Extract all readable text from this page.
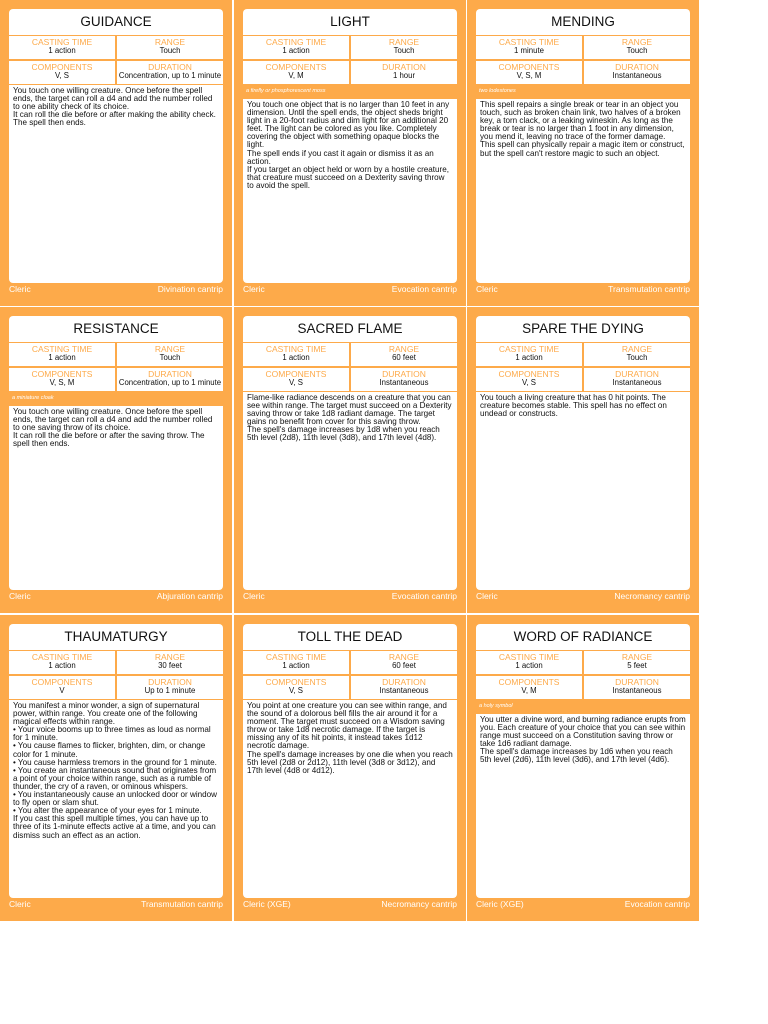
GUIDANCE
CASTING TIME
1 action
RANGE
Touch
COMPONENTS
V, S
DURATION
Concentration, up to 1 minute

You touch one willing creature. Once before the spell ends, the target can roll a d4 and add the number rolled to one ability check of its choice.

It can roll the die before or after making the ability check. The spell then ends.

Cleric	Divination cantrip
LIGHT
CASTING TIME
1 action
RANGE
Touch
COMPONENTS
V, M
DURATION
1 hour
a firefly or phosphorescent moss

You touch one object that is no larger than 10 feet in any dimension. Until the spell ends, the object sheds bright light in a 20-foot radius and dim light for an additional 20 feet. The light can be colored as you like. Completely covering the object with something opaque blocks the light.

The spell ends if you cast it again or dismiss it as an action.

If you target an object held or worn by a hostile creature, that creature must succeed on a Dexterity saving throw to avoid the spell.

Cleric	Evocation cantrip
MENDING
CASTING TIME
1 minute
RANGE
Touch
COMPONENTS
V, S, M
DURATION
Instantaneous
two lodestones

This spell repairs a single break or tear in an object you touch, such as broken chain link, two halves of a broken key, a torn clack, or a leaking wineskin. As long as the break or tear is no larger than 1 foot in any dimension, you mend it, leaving no trace of the former damage.

This spell can physically repair a magic item or construct, but the spell can't restore magic to such an object.

Cleric	Transmutation cantrip
RESISTANCE
CASTING TIME
1 action
RANGE
Touch
COMPONENTS
V, S, M
DURATION
Concentration, up to 1 minute
a miniature cloak

You touch one willing creature. Once before the spell ends, the target can roll a d4 and add the number rolled to one saving throw of its choice.

It can roll the die before or after the saving throw. The spell then ends.

Cleric	Abjuration cantrip
SACRED FLAME
CASTING TIME
1 action
RANGE
60 feet
COMPONENTS
V, S
DURATION
Instantaneous

Flame-like radiance descends on a creature that you can see within range. The target must succeed on a Dexterity saving throw or take 1d8 radiant damage. The target gains no benefit from cover for this saving throw.

The spell's damage increases by 1d8 when you reach 5th level (2d8), 11th level (3d8), and 17th level (4d8).

Cleric	Evocation cantrip
SPARE THE DYING
CASTING TIME
1 action
RANGE
Touch
COMPONENTS
V, S
DURATION
Instantaneous

You touch a living creature that has 0 hit points. The creature becomes stable. This spell has no effect on undead or constructs.

Cleric	Necromancy cantrip
THAUMATURGY
CASTING TIME
1 action
RANGE
30 feet
COMPONENTS
V
DURATION
Up to 1 minute

You manifest a minor wonder, a sign of supernatural power, within range. You create one of the following magical effects within range.

• Your voice booms up to three times as loud as normal for 1 minute.

• You cause flames to flicker, brighten, dim, or change color for 1 minute.

• You cause harmless tremors in the ground for 1 minute.

• You create an instantaneous sound that originates from a point of your choice within range, such as a rumble of thunder, the cry of a raven, or ominous whispers.

• You instantaneously cause an unlocked door or window to fly open or slam shut.

• You alter the appearance of your eyes for 1 minute.

If you cast this spell multiple times, you can have up to three of its 1-minute effects active at a time, and you can dismiss such an effect as an action.

Cleric	Transmutation cantrip
TOLL THE DEAD
CASTING TIME
1 action
RANGE
60 feet
COMPONENTS
V, S
DURATION
Instantaneous

You point at one creature you can see within range, and the sound of a dolorous bell fills the air around it for a moment. The target must succeed on a Wisdom saving throw or take 1d8 necrotic damage. If the target is missing any of its hit points, it instead takes 1d12 necrotic damage.

The spell's damage increases by one die when you reach 5th level (2d8 or 2d12), 11th level (3d8 or 3d12), and 17th level (4d8 or 4d12).

Cleric (XGE)	Necromancy cantrip
WORD OF RADIANCE
CASTING TIME
1 action
RANGE
5 feet
COMPONENTS
V, M
DURATION
Instantaneous
a holy symbol

You utter a divine word, and burning radiance erupts from you. Each creature of your choice that you can see within range must succeed on a Constitution saving throw or take 1d6 radiant damage.

The spell's damage increases by 1d6 when you reach 5th level (2d6), 11th level (3d6), and 17th level (4d6).

Cleric (XGE)	Evocation cantrip
